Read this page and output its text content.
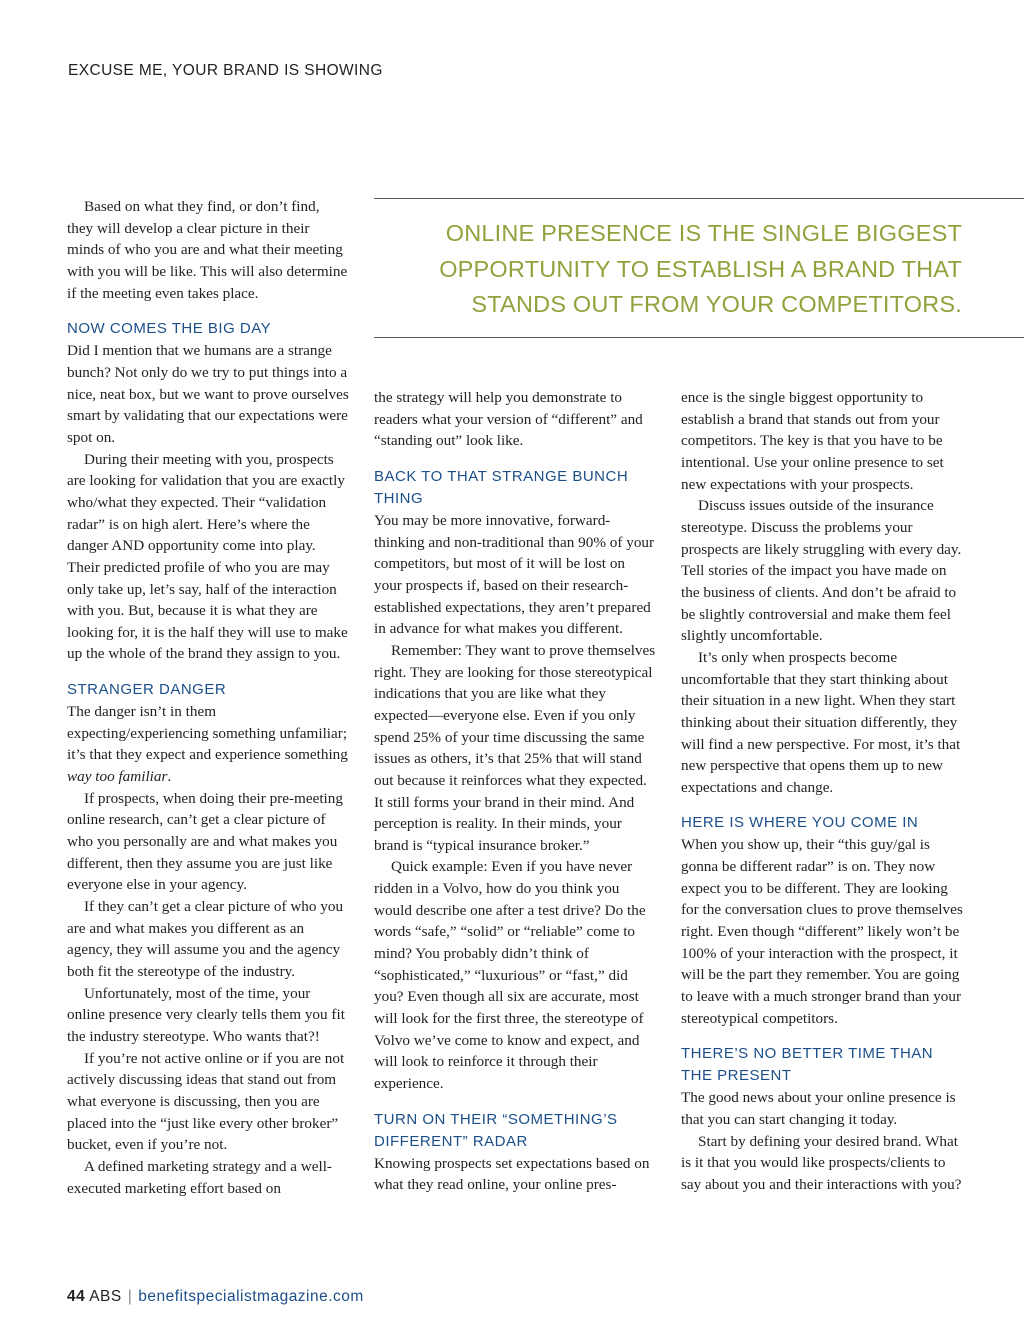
EXCUSE ME, YOUR BRAND IS SHOWING
ONLINE PRESENCE IS THE SINGLE BIGGEST OPPORTUNITY TO ESTABLISH A BRAND THAT STANDS OUT FROM YOUR COMPETITORS.

Based on what they find, or don’t find, they will develop a clear picture in their minds of who you are and what their meeting with you will be like. This will also determine if the meeting even takes place.

NOW COMES THE BIG DAY

Did I mention that we humans are a strange bunch? Not only do we try to put things into a nice, neat box, but we want to prove ourselves smart by validating that our expectations were spot on.

During their meeting with you, prospects are looking for validation that you are exactly who/what they expected. Their “validation radar” is on high alert. Here’s where the danger AND opportunity come into play. Their predicted profile of who you are may only take up, let’s say, half of the interaction with you. But, because it is what they are looking for, it is the half they will use to make up the whole of the brand they assign to you.

STRANGER DANGER

The danger isn’t in them expecting/experiencing something unfamiliar; it’s that they expect and experience something way too familiar.

If prospects, when doing their pre-meeting online research, can’t get a clear picture of who you personally are and what makes you different, then they assume you are just like everyone else in your agency.

If they can’t get a clear picture of who you are and what makes you different as an agency, they will assume you and the agency both fit the stereotype of the industry.

Unfortunately, most of the time, your online presence very clearly tells them you fit the industry stereotype. Who wants that?!

If you’re not active online or if you are not actively discussing ideas that stand out from what everyone is discussing, then you are placed into the “just like every other broker” bucket, even if you’re not.

A defined marketing strategy and a well-executed marketing effort based on

the strategy will help you demonstrate to readers what your version of “different” and “standing out” look like.

BACK TO THAT STRANGE BUNCH THING

You may be more innovative, forward-thinking and non-traditional than 90% of your competitors, but most of it will be lost on your prospects if, based on their research-established expectations, they aren’t prepared in advance for what makes you different.

Remember: They want to prove themselves right. They are looking for those stereotypical indications that you are like what they expected—everyone else. Even if you only spend 25% of your time discussing the same issues as others, it’s that 25% that will stand out because it reinforces what they expected. It still forms your brand in their mind. And perception is reality. In their minds, your brand is “typical insurance broker.”

Quick example: Even if you have never ridden in a Volvo, how do you think you would describe one after a test drive? Do the words “safe,” “solid” or “reliable” come to mind? You probably didn’t think of “sophisticated,” “luxurious” or “fast,” did you? Even though all six are accurate, most will look for the first three, the stereotype of Volvo we’ve come to know and expect, and will look to reinforce it through their experience.

TURN ON THEIR “SOMETHING’S DIFFERENT” RADAR

Knowing prospects set expectations based on what they read online, your online pres-

ence is the single biggest opportunity to establish a brand that stands out from your competitors. The key is that you have to be intentional. Use your online presence to set new expectations with your prospects.

Discuss issues outside of the insurance stereotype. Discuss the problems your prospects are likely struggling with every day. Tell stories of the impact you have made on the business of clients. And don’t be afraid to be slightly controversial and make them feel slightly uncomfortable.

It’s only when prospects become uncomfortable that they start thinking about their situation in a new light. When they start thinking about their situation differently, they will find a new perspective. For most, it’s that new perspective that opens them up to new expectations and change.

HERE IS WHERE YOU COME IN

When you show up, their “this guy/gal is gonna be different radar” is on. They now expect you to be different. They are looking for the conversation clues to prove themselves right. Even though “different” likely won’t be 100% of your interaction with the prospect, it will be the part they remember. You are going to leave with a much stronger brand than your stereotypical competitors.

THERE’S NO BETTER TIME THAN THE PRESENT

The good news about your online presence is that you can start changing it today.

Start by defining your desired brand. What is it that you would like prospects/clients to say about you and their interactions with you?

44 ABS | benefitspecialistmagazine.com
